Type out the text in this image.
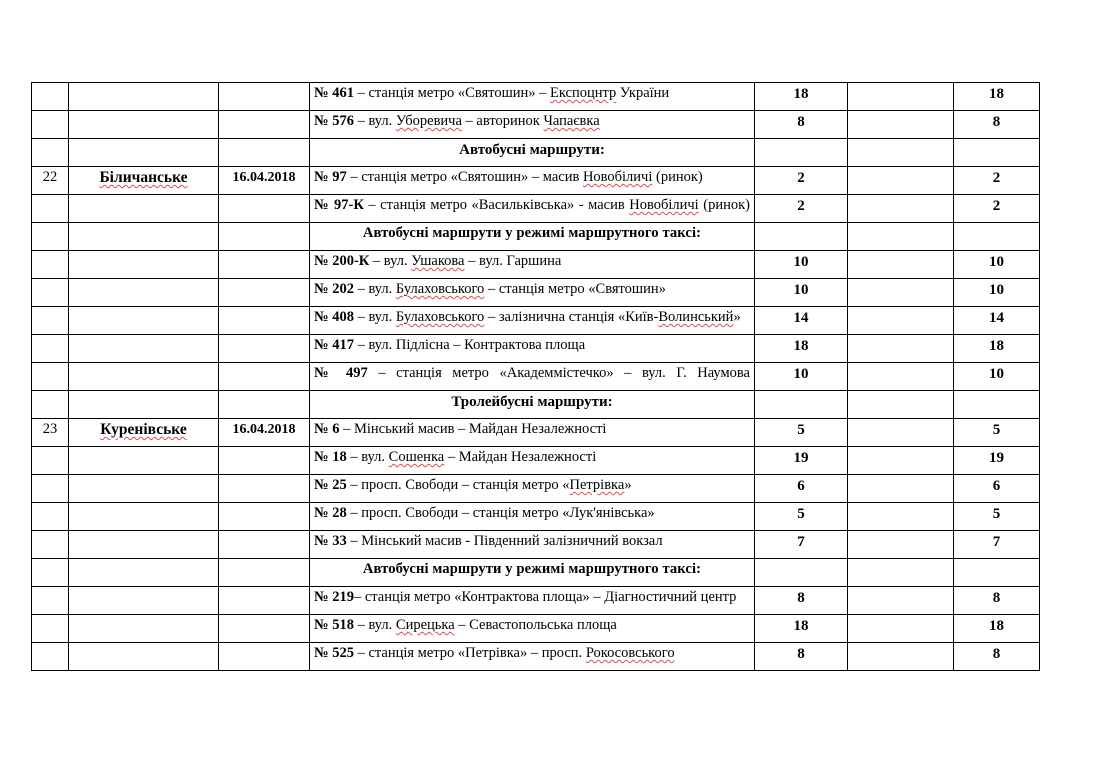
			№ 461 – станція метро «Святошин» – Експоцнтр України	18		18
			№ 576 – вул. Уборевича – авторинок Чапаєвка	8		8
			Автобусні маршрути:			
22	Біличанське	16.04.2018	№ 97 – станція метро «Святошин» – масив Новобіличі (ринок)	2		2
			№ 97-К – станція метро «Васильківська» - масив Новобіличі (ринок)	2		2
			Автобусні маршрути у режимі маршрутного таксі:			
			№ 200-К – вул. Ушакова – вул. Гаршина	10		10
			№ 202 – вул. Булаховського – станція метро «Святошин»	10		10
			№ 408 – вул. Булаховського – залізнична станція «Київ-Волинський»	14		14
			№ 417 – вул. Підлісна – Контрактова площа	18		18
			№ 497 – станція метро «Академмістечко» – вул. Г. Наумова	10		10
			Тролейбусні маршрути:			
23	Куренівське	16.04.2018	№ 6 – Мінський масив – Майдан Незалежності	5		5
			№ 18 – вул. Сошенка – Майдан Незалежності	19		19
			№ 25 – просп. Свободи – станція метро «Петрівка»	6		6
			№ 28 – просп. Свободи – станція метро «Лук'янівська»	5		5
			№ 33 – Мінський масив - Південний залізничний вокзал	7		7
			Автобусні маршрути у режимі маршрутного таксі:			
			№ 219– станція метро «Контрактова площа» – Діагностичний центр	8		8
			№ 518 – вул. Сирецька – Севастопольська площа	18		18
			№ 525 – станція метро «Петрівка» – просп. Рокосовського	8		8
